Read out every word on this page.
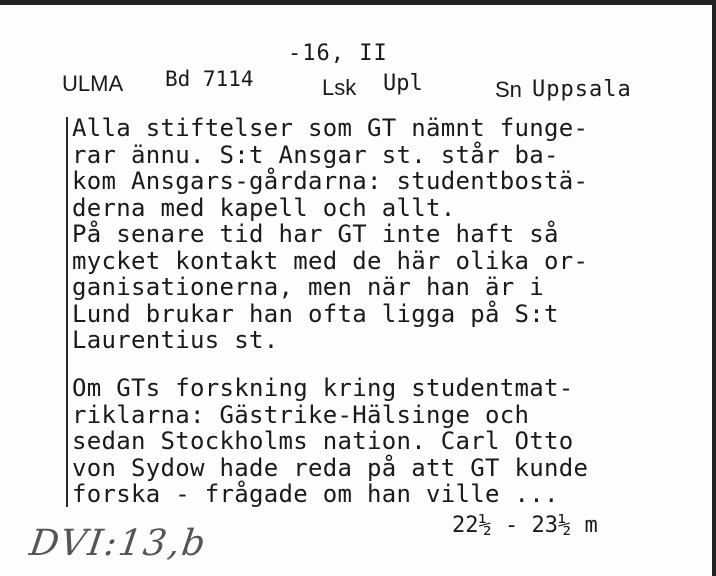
-16, II
ULMA Bd 7114	Lsk Upl	Sn Uppsala
Alla stiftelser som GT nämnt funge-
rar ännu. S:t Ansgar st. står ba-
kom Ansgars-gårdarna: studentbostä-
derna med kapell och allt.
På senare tid har GT inte haft så
mycket kontakt med de här olika or-
ganisationerna, men när han är i
Lund brukar han ofta ligga på S:t
Laurentius st.
Om GTs forskning kring studentmat-
riklarna: Gästrike-Hälsinge och
sedan Stockholms nation. Carl Otto
von Sydow hade reda på att GT kunde
forska - frågade om han ville ...
22½ - 23½ m
DVI:13,b
